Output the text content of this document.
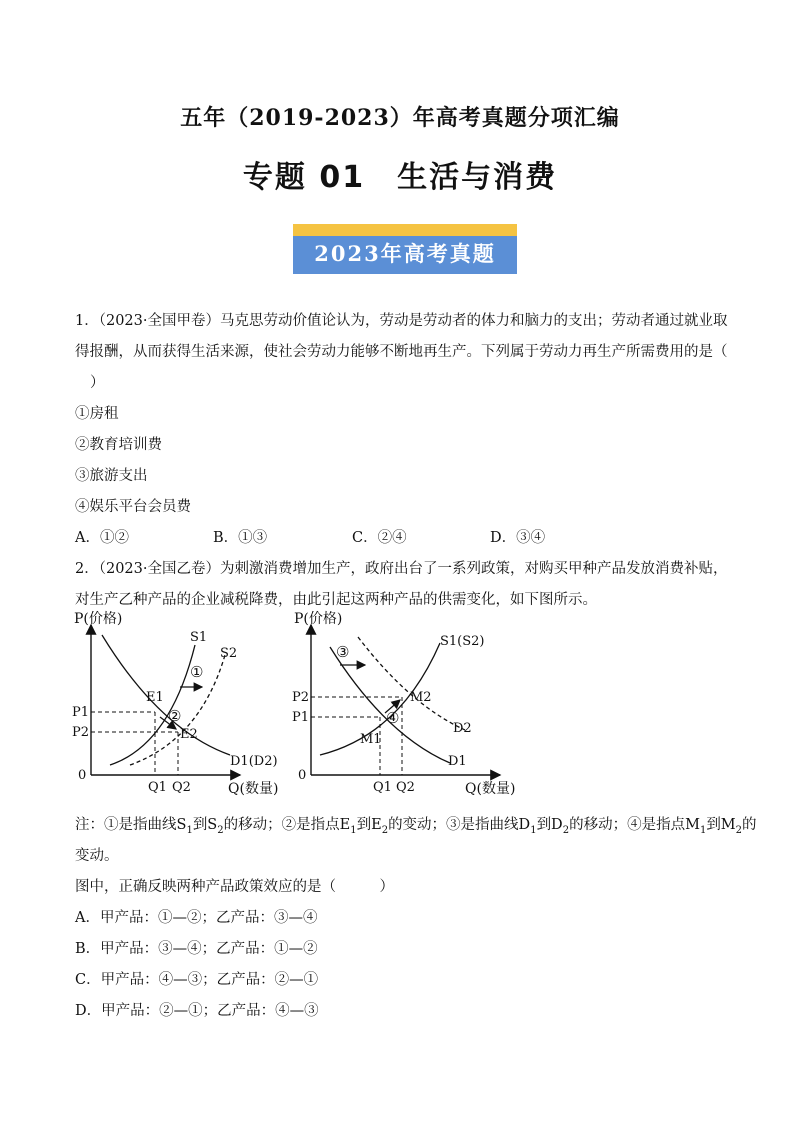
五年（2019-2023）年高考真题分项汇编
专题 01　生活与消费
2023年高考真题
1．（2023·全国甲卷）马克思劳动价值论认为，劳动是劳动者的体力和脑力的支出；劳动者通过就业取
得报酬，从而获得生活来源，使社会劳动力能够不断地再生产。下列属于劳动力再生产所需费用的是（
）
①房租
②教育培训费
③旅游支出
④娱乐平台会员费
A．①②	B．①③	C．②④	D．③④
2．（2023·全国乙卷）为刺激消费增加生产，政府出台了一系列政策，对购买甲种产品发放消费补贴，
对生产乙种产品的企业减税降费，由此引起这两种产品的供需变化，如下图所示。
P(价格)
Q(数量)
0
S1
S2
D1(D2)
E1
E2
P1
P2
Q1 Q2
①
②
P(价格)
Q(数量)
0
S1(S2)
D1
D2
M1
M2
P2
P1
Q1 Q2
③
④
注：①是指曲线$S_1$到$S_2$的移动；②是指点$E_1$到$E_2$的变动；③是指曲线$D_1$到$D_2$的移动；④是指点$M_1$到$M_2$的
变动。
图中，正确反映两种产品政策效应的是（　　　）
A．甲产品：①—②；乙产品：③—④
B．甲产品：③—④；乙产品：①—②
C．甲产品：④—③；乙产品：②—①
D．甲产品：②—①；乙产品：④—③
